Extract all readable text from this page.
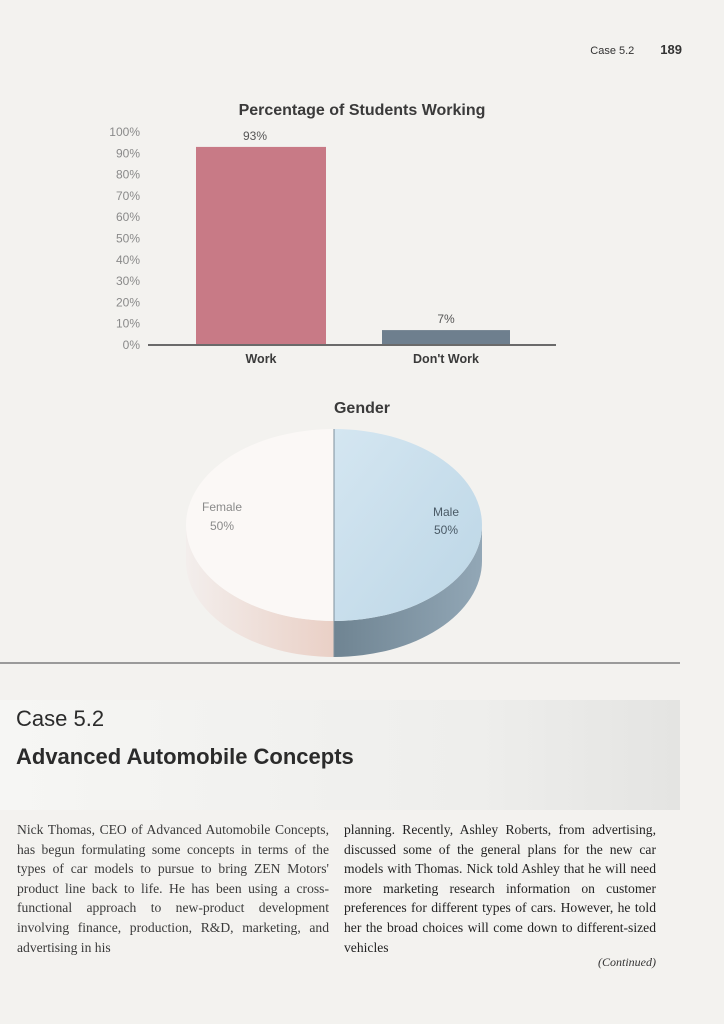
Case 5.2 189
Percentage of Students Working
0%
10%
20%
30%
40%
50%
60%
70%
80%
90%
100%	93%
Work
7%
Don't Work
Gender
Female
50%
Male
50%
Case 5.2
Advanced Automobile Concepts
Nick Thomas, CEO of Advanced Automobile Concepts, has begun formulating some concepts in terms of the types of car models to pursue to bring ZEN Motors' product line back to life. He has been using a cross-functional approach to new-product development involving finance, production, R&D, marketing, and advertising in his
planning. Recently, Ashley Roberts, from advertising, discussed some of the general plans for the new car models with Thomas. Nick told Ashley that he will need more marketing research information on customer preferences for different types of cars. However, he told her the broad choices will come down to different-sized vehicles
(Continued)
